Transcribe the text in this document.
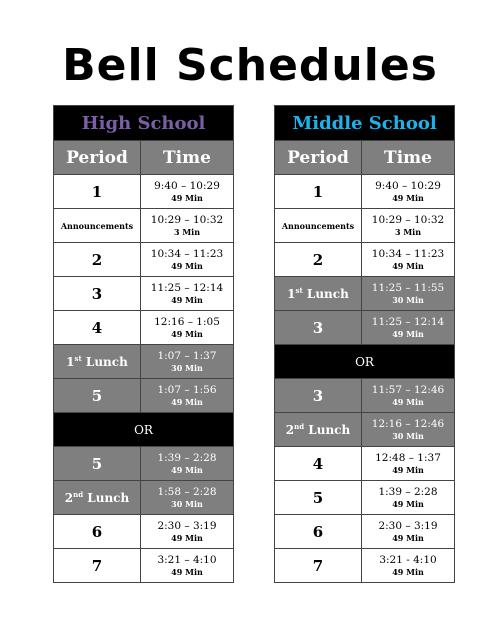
Bell Schedules
High School	
Period	Time
1	9:40 – 10:29
49 Min

Announcements	10:29 – 10:32
3 Min

2	10:34 – 11:23
49 Min

3	11:25 – 12:14
49 Min

4	12:16 – 1:05
49 Min

1st Lunch	1:07 – 1:37
30 Min

5	1:07 – 1:56
49 Min

OR	
5	1:39 – 2:28
49 Min

2nd Lunch	1:58 – 2:28
30 Min

6	2:30 – 3:19
49 Min

7	3:21 – 4:10
49 Min
Middle School	
Period	Time
1	9:40 – 10:29
49 Min

Announcements	10:29 – 10:32
3 Min

2	10:34 – 11:23
49 Min

1st Lunch	11:25 – 11:55
30 Min

3	11:25 – 12:14
49 Min

OR	
3	11:57 – 12:46
49 Min

2nd Lunch	12:16 – 12:46
30 Min

4	12:48 – 1:37
49 Min

5	1:39 – 2:28
49 Min

6	2:30 – 3:19
49 Min

7	3:21 - 4:10
49 Min
